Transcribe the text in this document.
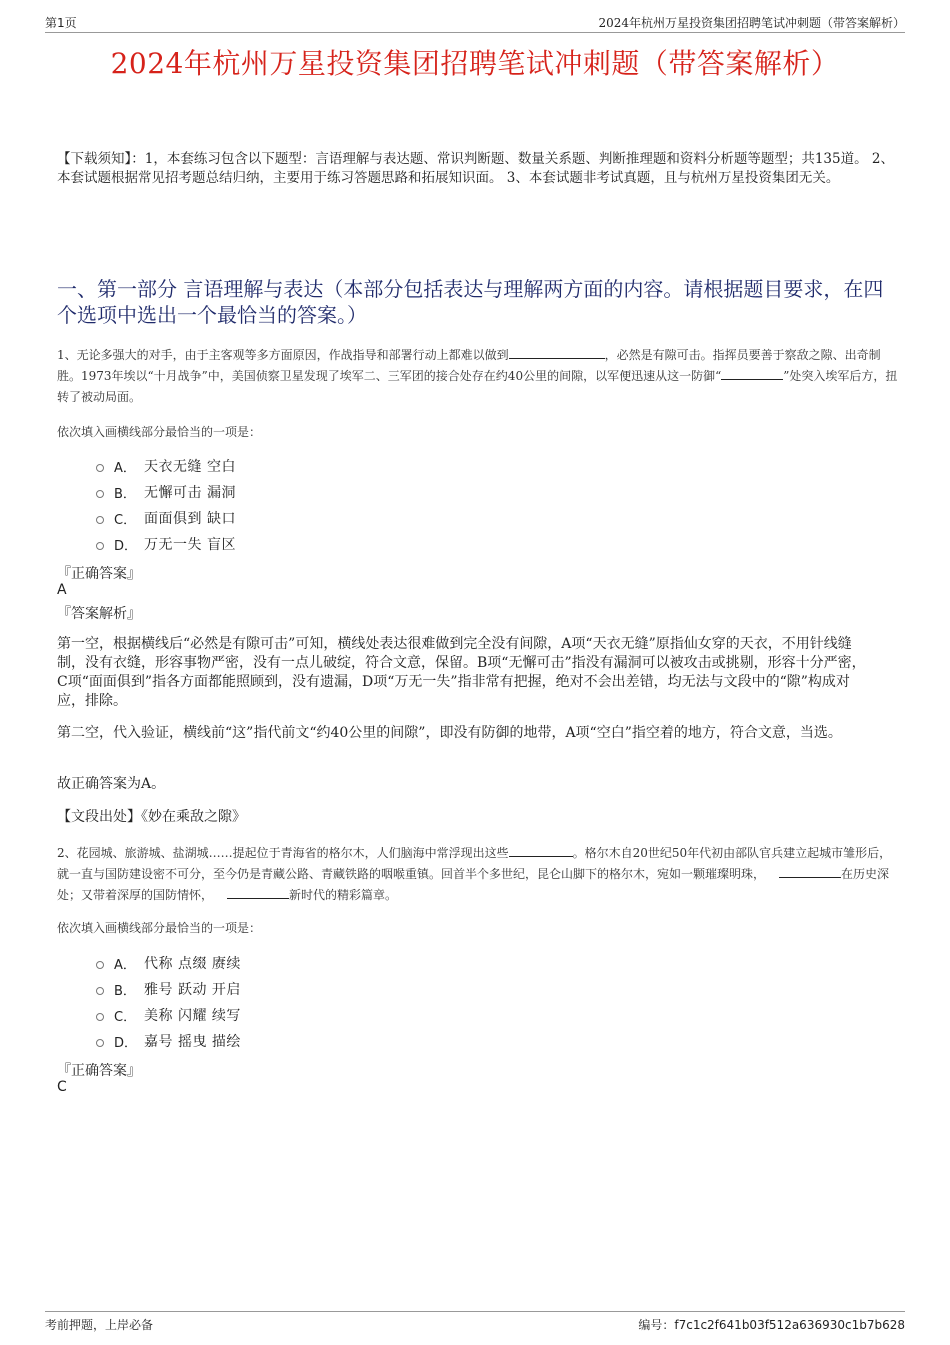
第1页	2024年杭州万星投资集团招聘笔试冲刺题（带答案解析）
2024年杭州万星投资集团招聘笔试冲刺题（带答案解析）
【下载须知】：1，本套练习包含以下题型：言语理解与表达题、常识判断题、数量关系题、判断推理题和资料分析题等题型；共135道。 2、本套试题根据常见招考题总结归纳，主要用于练习答题思路和拓展知识面。 3、本套试题非考试真题，且与杭州万星投资集团无关。
一、第一部分 言语理解与表达（本部分包括表达与理解两方面的内容。请根据题目要求，在四个选项中选出一个最恰当的答案。）
1、无论多强大的对手，由于主客观等多方面原因，作战指导和部署行动上都难以做到	，必然是有隙可击。指挥员要善于察敌之隙、出奇制胜。1973年埃以“十月战争”中，美国侦察卫星发现了埃军二、三军团的接合处存在约40公里的间隙，以军便迅速从这一防御“	”处突入埃军后方，扭转了被动局面。
依次填入画横线部分最恰当的一项是：
A． 天衣无缝 空白
B． 无懈可击 漏洞
C． 面面俱到 缺口
D． 万无一失 盲区
『正确答案』
A
『答案解析』
第一空，根据横线后“必然是有隙可击”可知，横线处表达很难做到完全没有间隙，A项“天衣无缝”原指仙女穿的天衣，不用针线缝制，没有衣缝，形容事物严密，没有一点儿破绽，符合文意，保留。B项“无懈可击”指没有漏洞可以被攻击或挑剔，形容十分严密，C项“面面俱到”指各方面都能照顾到，没有遗漏，D项“万无一失”指非常有把握，绝对不会出差错，均无法与文段中的“隙”构成对应，排除。
第二空，代入验证，横线前“这”指代前文“约40公里的间隙”，即没有防御的地带，A项“空白”指空着的地方，符合文意，当选。
故正确答案为A。
【文段出处】《妙在乘敌之隙》
2、花园城、旅游城、盐湖城……提起位于青海省的格尔木，人们脑海中常浮现出这些	。格尔木自20世纪50年代初由部队官兵建立起城市雏形后，就一直与国防建设密不可分，至今仍是青藏公路、青藏铁路的咽喉重镇。回首半个多世纪，昆仑山脚下的格尔木，宛如一颗璀璨明珠，	在历史深处；又带着深厚的国防情怀，	新时代的精彩篇章。
依次填入画横线部分最恰当的一项是：
A． 代称 点缀 赓续
B． 雅号 跃动 开启
C． 美称 闪耀 续写
D． 嘉号 摇曳 描绘
『正确答案』
C
考前押题，上岸必备	编号：f7c1c2f641b03f512a636930c1b7b628
